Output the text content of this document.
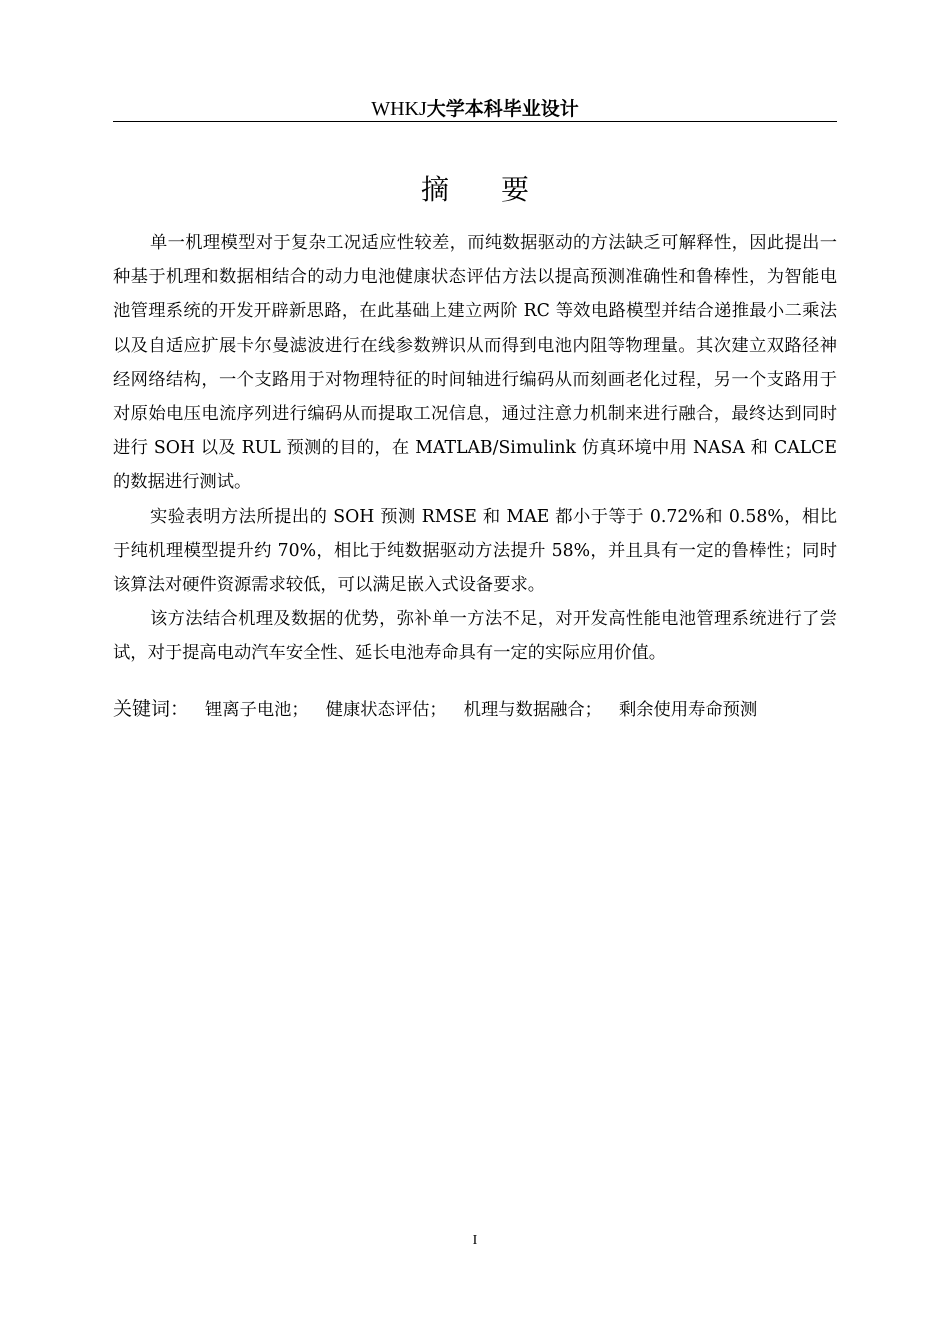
WHKJ大学本科毕业设计
摘要

单一机理模型对于复杂工况适应性较差，而纯数据驱动的方法缺乏可解释性，因此提出一种基于机理和数据相结合的动力电池健康状态评估方法以提高预测准确性和鲁棒性，为智能电池管理系统的开发开辟新思路，在此基础上建立两阶 RC 等效电路模型并结合递推最小二乘法以及自适应扩展卡尔曼滤波进行在线参数辨识从而得到电池内阻等物理量。其次建立双路径神经网络结构，一个支路用于对物理特征的时间轴进行编码从而刻画老化过程，另一个支路用于对原始电压电流序列进行编码从而提取工况信息，通过注意力机制来进行融合，最终达到同时进行 SOH 以及 RUL 预测的目的，在 MATLAB/Simulink 仿真环境中用 NASA 和 CALCE 的数据进行测试。

实验表明方法所提出的 SOH 预测 RMSE 和 MAE 都小于等于 0.72%和 0.58%，相比于纯机理模型提升约 70%，相比于纯数据驱动方法提升 58%，并且具有一定的鲁棒性；同时该算法对硬件资源需求较低，可以满足嵌入式设备要求。

该方法结合机理及数据的优势，弥补单一方法不足，对开发高性能电池管理系统进行了尝试，对于提高电动汽车安全性、延长电池寿命具有一定的实际应用价值。

关键词： 锂离子电池； 健康状态评估； 机理与数据融合； 剩余使用寿命预测
I
